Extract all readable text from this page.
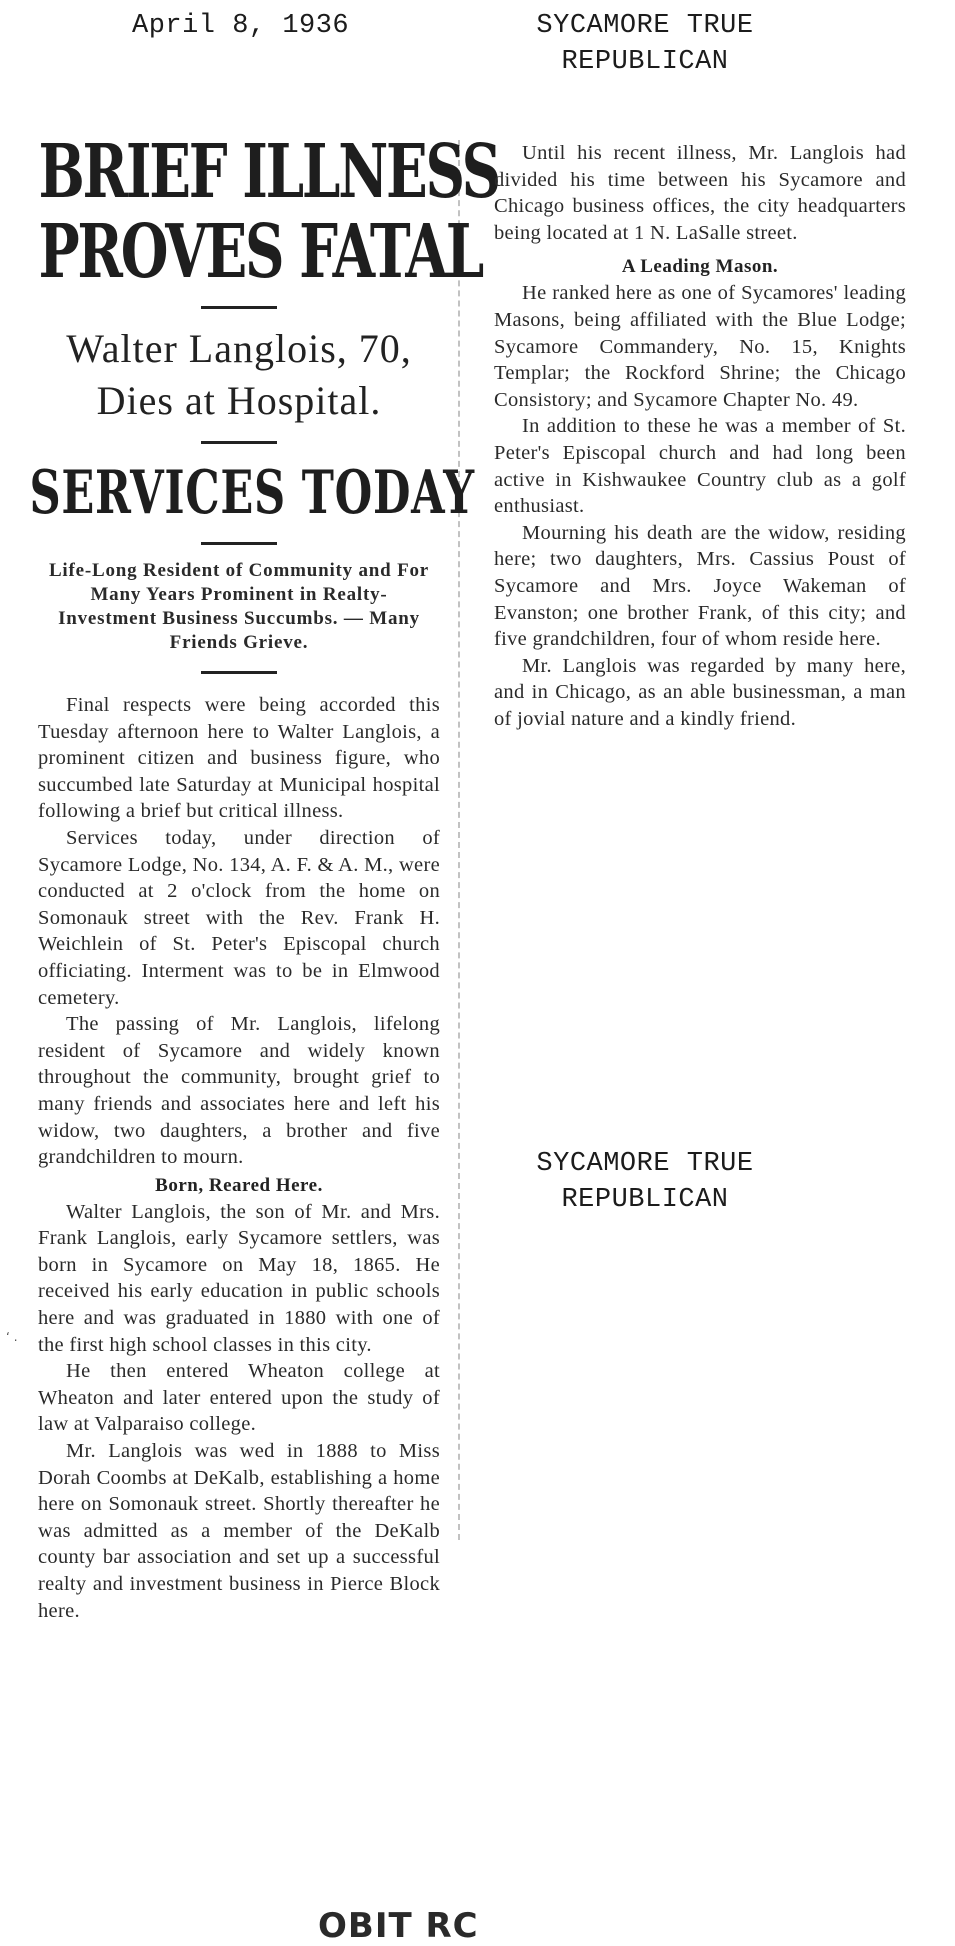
April 8, 1936	SYCAMORE TRUE
REPUBLICAN
BRIEF ILLNESS
PROVES FATAL
Walter Langlois, 70,
Dies at Hospital.
SERVICES TODAY
Life-Long Resident of Community and For Many Years Prominent in Realty-Investment Business Succumbs. — Many Friends Grieve.

Final respects were being accorded this Tuesday afternoon here to Walter Langlois, a prominent citizen and business figure, who succumbed late Saturday at Municipal hospital following a brief but critical illness.

Services today, under direction of Sycamore Lodge, No. 134, A. F. & A. M., were conducted at 2 o'clock from the home on Somonauk street with the Rev. Frank H. Weichlein of St. Peter's Episcopal church officiating. Interment was to be in Elmwood cemetery.

The passing of Mr. Langlois, lifelong resident of Sycamore and widely known throughout the community, brought grief to many friends and associates here and left his widow, two daughters, a brother and five grandchildren to mourn.

Born, Reared Here.

Walter Langlois, the son of Mr. and Mrs. Frank Langlois, early Sycamore settlers, was born in Sycamore on May 18, 1865. He received his early education in public schools here and was graduated in 1880 with one of the first high school classes in this city.

He then entered Wheaton college at Wheaton and later entered upon the study of law at Valparaiso college.

Mr. Langlois was wed in 1888 to Miss Dorah Coombs at DeKalb, establishing a home here on Somonauk street. Shortly thereafter he was admitted as a member of the DeKalb county bar association and set up a successful realty and investment business in Pierce Block here.

Until his recent illness, Mr. Langlois had divided his time between his Sycamore and Chicago business offices, the city headquarters being located at 1 N. LaSalle street.

A Leading Mason.

He ranked here as one of Sycamores' leading Masons, being affiliated with the Blue Lodge; Sycamore Commandery, No. 15, Knights Templar; the Rockford Shrine; the Chicago Consistory; and Sycamore Chapter No. 49.

In addition to these he was a member of St. Peter's Episcopal church and had long been active in Kishwaukee Country club as a golf enthusiast.

Mourning his death are the widow, residing here; two daughters, Mrs. Cassius Poust of Sycamore and Mrs. Joyce Wakeman of Evanston; one brother Frank, of this city; and five grandchildren, four of whom reside here.

Mr. Langlois was regarded by many here, and in Chicago, as an able businessman, a man of jovial nature and a kindly friend.

SYCAMORE TRUE
REPUBLICAN
‘ ․
OBIT RC
